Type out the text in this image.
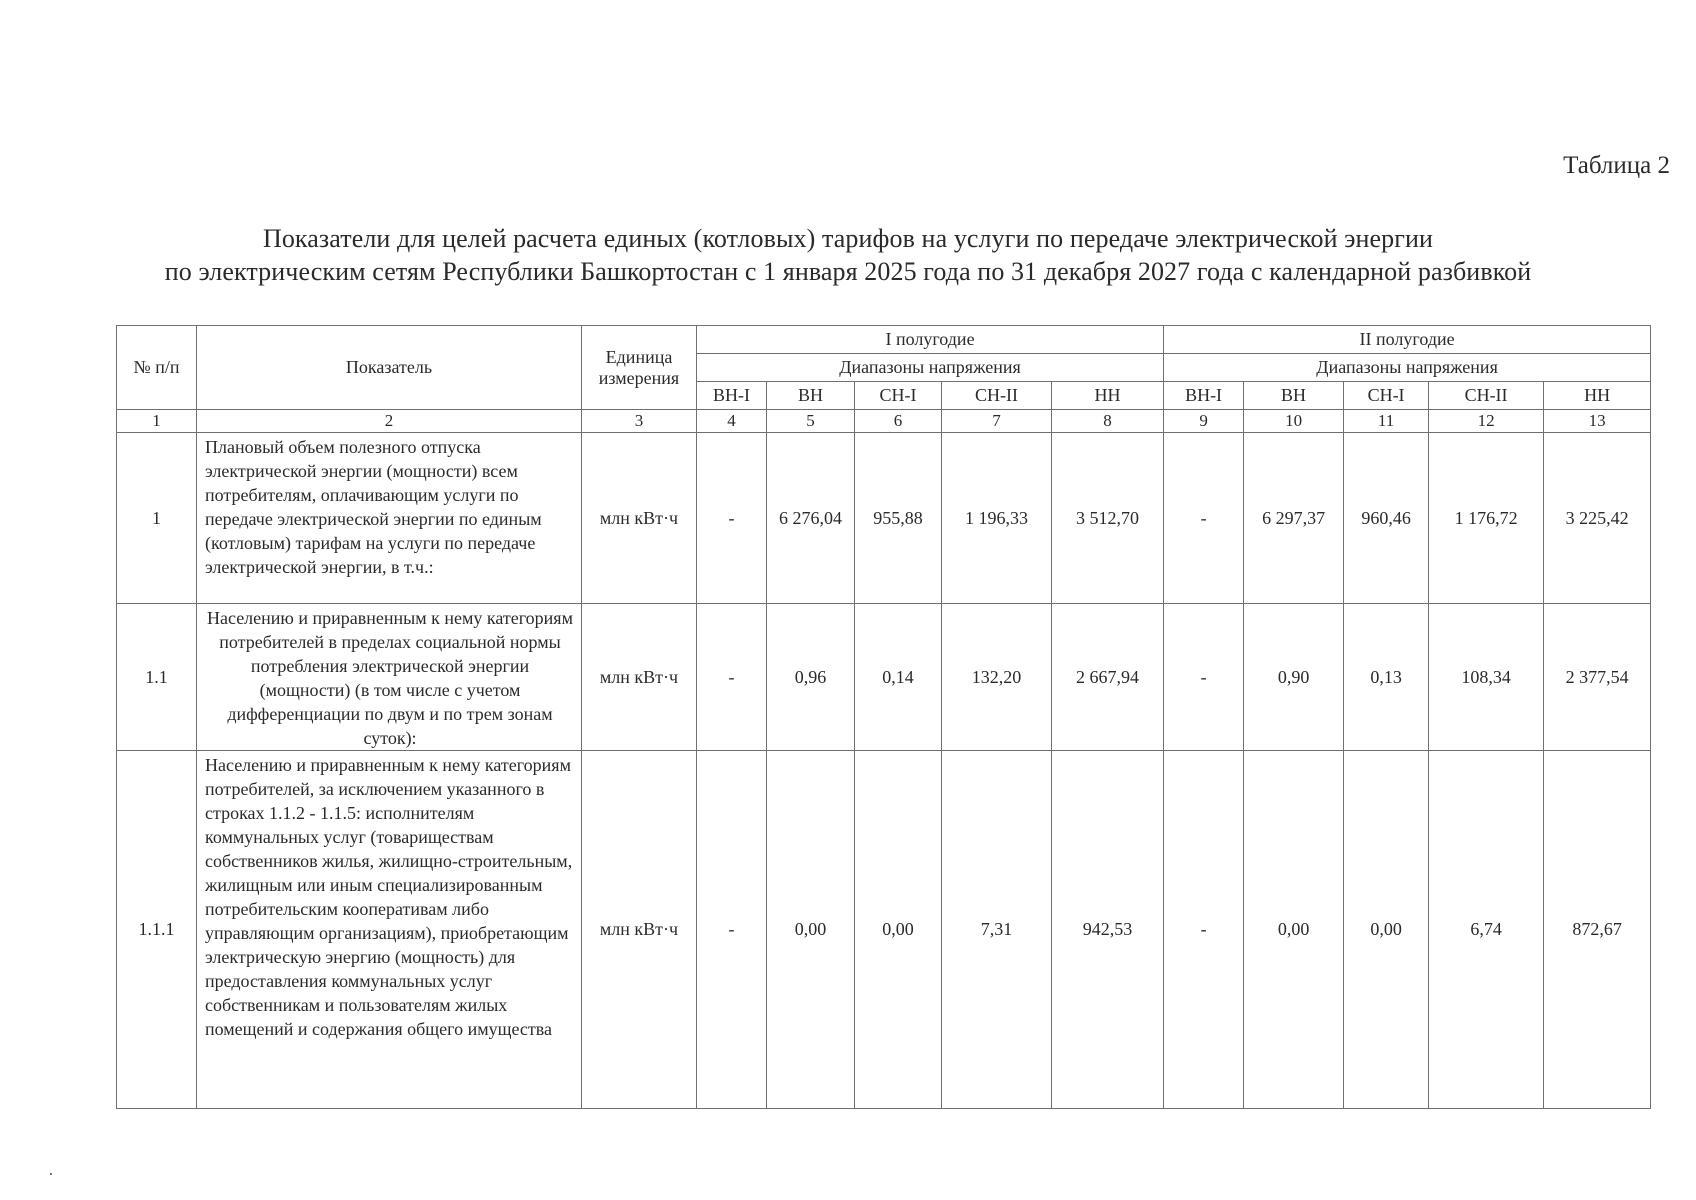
Таблица 2
Показатели для целей расчета единых (котловых) тарифов на услуги по передаче электрической энергии
по электрическим сетям Республики Башкортостан с 1 января 2025 года по 31 декабря 2027 года с календарной разбивкой
№ п/п	Показатель	Единица измерения	I полугодие					II полугодие				
			Диапазоны напряжения					Диапазоны напряжения				
			ВН-I	ВН	СН-I	СН-II	НН	ВН-I	ВН	СН-I	СН-II	НН
1	2	3	4	5	6	7	8	9	10	11	12	13
1	Плановый объем полезного отпуска электрической энергии (мощности) всем потребителям, оплачивающим услуги по передаче электрической энергии по единым (котловым) тарифам на услуги по передаче электрической энергии, в т.ч.:	млн кВт·ч	-	6 276,04	955,88	1 196,33	3 512,70	-	6 297,37	960,46	1 176,72	3 225,42
1.1	Населению и приравненным к нему категориям потребителей в пределах социальной нормы потребления электрической энергии (мощности) (в том числе с учетом дифференциации по двум и по трем зонам суток):	млн кВт·ч	-	0,96	0,14	132,20	2 667,94	-	0,90	0,13	108,34	2 377,54
1.1.1	Населению и приравненным к нему категориям потребителей, за исключением указанного в строках 1.1.2 - 1.1.5: исполнителям коммунальных услуг (товариществам собственников жилья, жилищно-строительным, жилищным или иным специализированным потребительским кооперативам либо управляющим организациям), приобретающим электрическую энергию (мощность) для предоставления коммунальных услуг собственникам и пользователям жилых помещений и содержания общего имущества	млн кВт·ч	-	0,00	0,00	7,31	942,53	-	0,00	0,00	6,74	872,67
